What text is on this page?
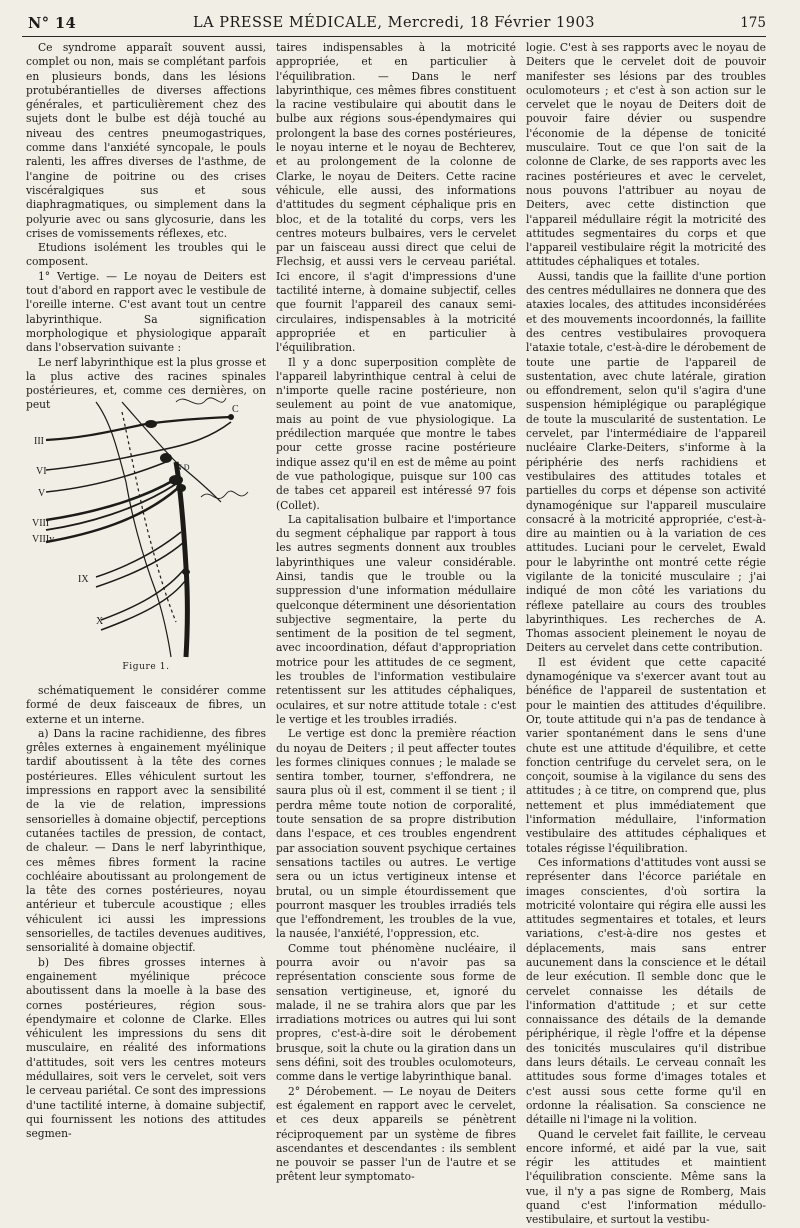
N° 14	LA PRESSE MÉDICALE, Mercredi, 18 Février 1903	175

Ce syndrome apparaît souvent aussi, complet ou non, mais se complétant parfois en plusieurs bonds, dans les lésions protubérantielles de diverses affections générales, et particulièrement chez des sujets dont le bulbe est déjà touché au niveau des centres pneumogastriques, comme dans l'anxiété syncopale, le pouls ralenti, les affres diverses de l'asthme, de l'angine de poitrine ou des crises viscéralgiques sus et sous diaphragmatiques, ou simplement dans la polyurie avec ou sans glycosurie, dans les crises de vomissements réflexes, etc.

Etudions isolément les troubles qui le composent.

1° Vertige. — Le noyau de Deiters est tout d'abord en rapport avec le vestibule de l'oreille interne. C'est avant tout un centre labyrinthique. Sa signification morphologique et physiologique apparaît dans l'observation suivante :

Le nerf labyrinthique est la plus grosse et la plus active des racines spinales postérieures, et, comme ces dernières, on peut

III
VI
V
VIII
VIIIv
IX
X
C
N D
Figure 1.

schématiquement le considérer comme formé de deux faisceaux de fibres, un externe et un interne.

a) Dans la racine rachidienne, des fibres grêles externes à engainement myélinique tardif aboutissent à la tête des cornes postérieures. Elles véhiculent surtout les impressions en rapport avec la sensibilité de la vie de relation, impressions sensorielles à domaine objectif, perceptions cutanées tactiles de pression, de contact, de chaleur. — Dans le nerf labyrinthique, ces mêmes fibres forment la racine cochléaire aboutissant au prolongement de la tête des cornes postérieures, noyau antérieur et tubercule acoustique ; elles véhiculent ici aussi les impressions sensorielles, de tactiles devenues auditives, sensorialité à domaine objectif.

b) Des fibres grosses internes à engainement myélinique précoce aboutissent dans la moelle à la base des cornes postérieures, région sous-épendymaire et colonne de Clarke. Elles véhiculent les impressions du sens dit musculaire, en réalité des informations d'attitudes, soit vers les centres moteurs médullaires, soit vers le cervelet, soit vers le cerveau pariétal. Ce sont des impressions d'une tactilité interne, à domaine subjectif, qui fournissent les notions des attitudes segmen-

taires indispensables à la motricité appropriée, et en particulier à l'équilibration. — Dans le nerf labyrinthique, ces mêmes fibres constituent la racine vestibulaire qui aboutit dans le bulbe aux régions sous-épendymaires qui prolongent la base des cornes postérieures, le noyau interne et le noyau de Bechterev, et au prolongement de la colonne de Clarke, le noyau de Deiters. Cette racine véhicule, elle aussi, des informations d'attitudes du segment céphalique pris en bloc, et de la totalité du corps, vers les centres moteurs bulbaires, vers le cervelet par un faisceau aussi direct que celui de Flechsig, et aussi vers le cerveau pariétal. Ici encore, il s'agit d'impressions d'une tactilité interne, à domaine subjectif, celles que fournit l'appareil des canaux semi-circulaires, indispensables à la motricité appropriée et en particulier à l'équilibration.

Il y a donc superposition complète de l'appareil labyrinthique central à celui de n'importe quelle racine postérieure, non seulement au point de vue anatomique, mais au point de vue physiologique. La prédilection marquée que montre le tabes pour cette grosse racine postérieure indique assez qu'il en est de même au point de vue pathologique, puisque sur 100 cas de tabes cet appareil est intéressé 97 fois (Collet).

La capitalisation bulbaire et l'importance du segment céphalique par rapport à tous les autres segments donnent aux troubles labyrinthiques une valeur considérable. Ainsi, tandis que le trouble ou la suppression d'une information médullaire quelconque déterminent une désorientation subjective segmentaire, la perte du sentiment de la position de tel segment, avec incoordination, défaut d'appropriation motrice pour les attitudes de ce segment, les troubles de l'information vestibulaire retentissent sur les attitudes céphaliques, oculaires, et sur notre attitude totale : c'est le vertige et les troubles irradiés.

Le vertige est donc la première réaction du noyau de Deiters ; il peut affecter toutes les formes cliniques connues ; le malade se sentira tomber, tourner, s'effondrera, ne saura plus où il est, comment il se tient ; il perdra même toute notion de corporalité, toute sensation de sa propre distribution dans l'espace, et ces troubles engendrent par association souvent psychique certaines sensations tactiles ou autres. Le vertige sera ou un ictus vertigineux intense et brutal, ou un simple étourdissement que pourront masquer les troubles irradiés tels que l'effondrement, les troubles de la vue, la nausée, l'anxiété, l'oppression, etc.

Comme tout phénomène nucléaire, il pourra avoir ou n'avoir pas sa représentation consciente sous forme de sensation vertigineuse, et, ignoré du malade, il ne se trahira alors que par les irradiations motrices ou autres qui lui sont propres, c'est-à-dire soit le dérobement brusque, soit la chute ou la giration dans un sens défini, soit des troubles oculomoteurs, comme dans le vertige labyrinthique banal.

2° Dérobement. — Le noyau de Deiters est également en rapport avec le cervelet, et ces deux appareils se pénètrent réciproquement par un système de fibres ascendantes et descendantes : ils semblent ne pouvoir se passer l'un de l'autre et se prêtent leur symptomato-

logie. C'est à ses rapports avec le noyau de Deiters que le cervelet doit de pouvoir manifester ses lésions par des troubles oculomoteurs ; et c'est à son action sur le cervelet que le noyau de Deiters doit de pouvoir faire dévier ou suspendre l'économie de la dépense de tonicité musculaire. Tout ce que l'on sait de la colonne de Clarke, de ses rapports avec les racines postérieures et avec le cervelet, nous pouvons l'attribuer au noyau de Deiters, avec cette distinction que l'appareil médullaire régit la motricité des attitudes segmentaires du corps et que l'appareil vestibulaire régit la motricité des attitudes céphaliques et totales.

Aussi, tandis que la faillite d'une portion des centres médullaires ne donnera que des ataxies locales, des attitudes inconsidérées et des mouvements incoordonnés, la faillite des centres vestibulaires provoquera l'ataxie totale, c'est-à-dire le dérobement de toute une partie de l'appareil de sustentation, avec chute latérale, giration ou effondrement, selon qu'il s'agira d'une suspension hémiplégique ou paraplégique de toute la muscularité de sustentation. Le cervelet, par l'intermédiaire de l'appareil nucléaire Clarke-Deiters, s'informe à la périphérie des nerfs rachidiens et vestibulaires des attitudes totales et partielles du corps et dépense son activité dynamogénique sur l'appareil musculaire consacré à la motricité appropriée, c'est-à-dire au maintien ou à la variation de ces attitudes. Luciani pour le cervelet, Ewald pour le labyrinthe ont montré cette régie vigilante de la tonicité musculaire ; j'ai indiqué de mon côté les variations du réflexe patellaire au cours des troubles labyrinthiques. Les recherches de A. Thomas associent pleinement le noyau de Deiters au cervelet dans cette contribution.

Il est évident que cette capacité dynamogénique va s'exercer avant tout au bénéfice de l'appareil de sustentation et pour le maintien des attitudes d'équilibre. Or, toute attitude qui n'a pas de tendance à varier spontanément dans le sens d'une chute est une attitude d'équilibre, et cette fonction centrifuge du cervelet sera, on le conçoit, soumise à la vigilance du sens des attitudes ; à ce titre, on comprend que, plus nettement et plus immédiatement que l'information médullaire, l'information vestibulaire des attitudes céphaliques et totales régisse l'équilibration.

Ces informations d'attitudes vont aussi se représenter dans l'écorce pariétale en images conscientes, d'où sortira la motricité volontaire qui régira elle aussi les attitudes segmentaires et totales, et leurs variations, c'est-à-dire nos gestes et déplacements, mais sans entrer aucunement dans la conscience et le détail de leur exécution. Il semble donc que le cervelet connaisse les détails de l'information d'attitude ; et sur cette connaissance des détails de la demande périphérique, il règle l'offre et la dépense des tonicités musculaires qu'il distribue dans leurs détails. Le cerveau connaît les attitudes sous forme d'images totales et c'est aussi sous cette forme qu'il en ordonne la réalisation. Sa conscience ne détaille ni l'image ni la volition.

Quand le cervelet fait faillite, le cerveau encore informé, et aidé par la vue, sait régir les attitudes et maintient l'équilibration consciente. Même sans la vue, il n'y a pas signe de Romberg, Mais quand c'est l'information médullo-vestibulaire, et surtout la vestibu-
